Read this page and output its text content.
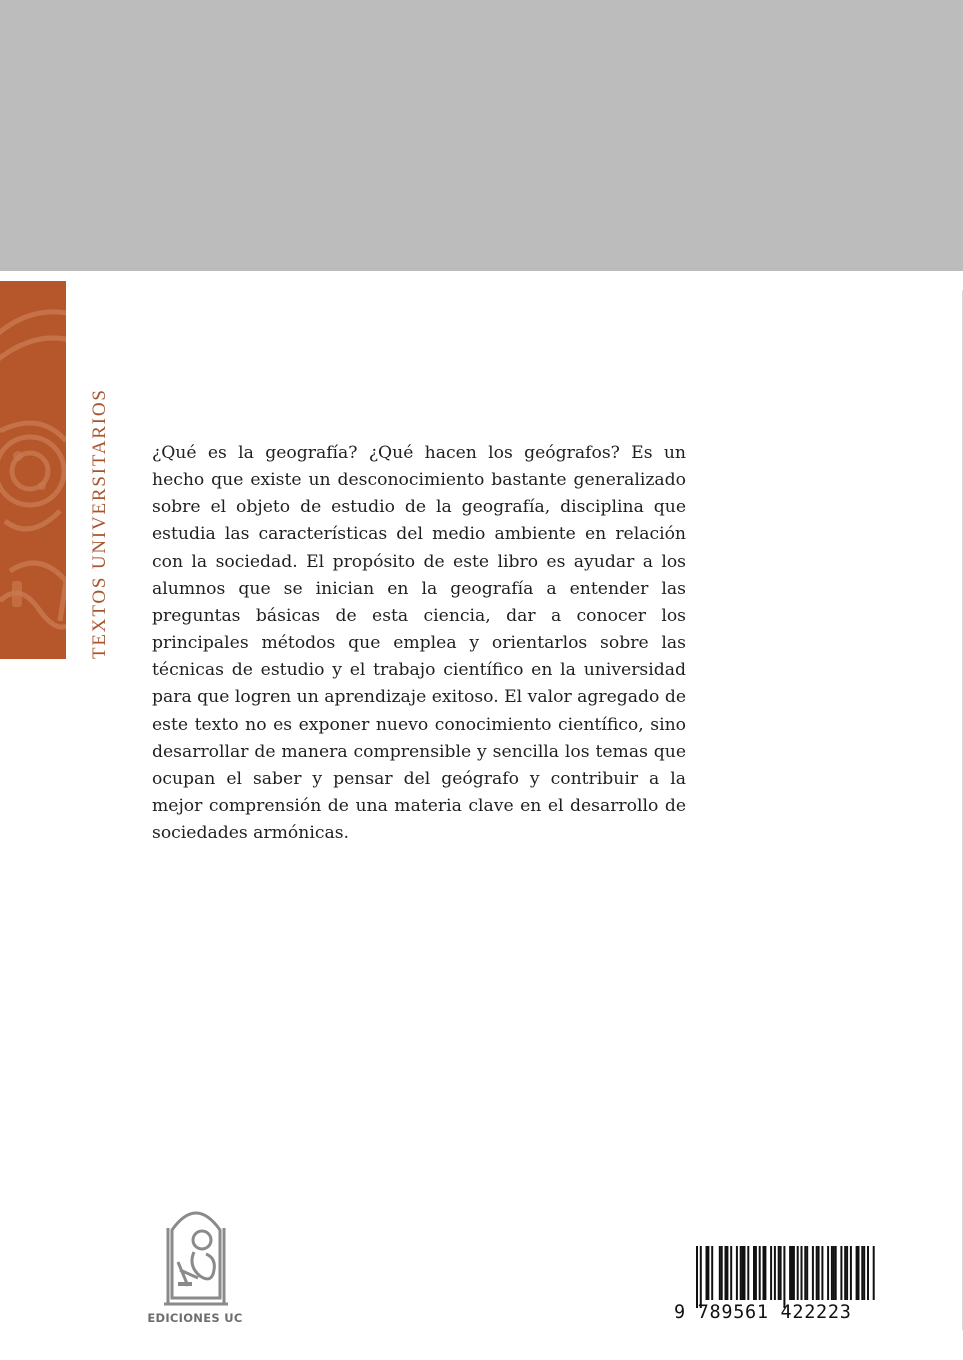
TEXTOS UNIVERSITARIOS ¿Qué es la geografía? ¿Qué hacen los geógrafos? Es un hecho que existe un desconocimiento bastante generalizado sobre el objeto de estudio de la geografía, disciplina que estudia las características del medio ambiente en relación con la sociedad. El propósito de este libro es ayudar a los alumnos que se inician en la geografía a entender las preguntas básicas de esta ciencia, dar a conocer los principales métodos que emplea y orientarlos sobre las técnicas de estudio y el trabajo científico en la universidad para que logren un aprendizaje exitoso. El valor agregado de este texto no es exponer nuevo conocimiento científico, sino desarrollar de manera comprensible y sencilla los temas que ocupan el saber y pensar del geógrafo y contribuir a la mejor comprensión de una materia clave en el desarrollo de sociedades armónicas.

EDICIONES UC	9 789561 422223
